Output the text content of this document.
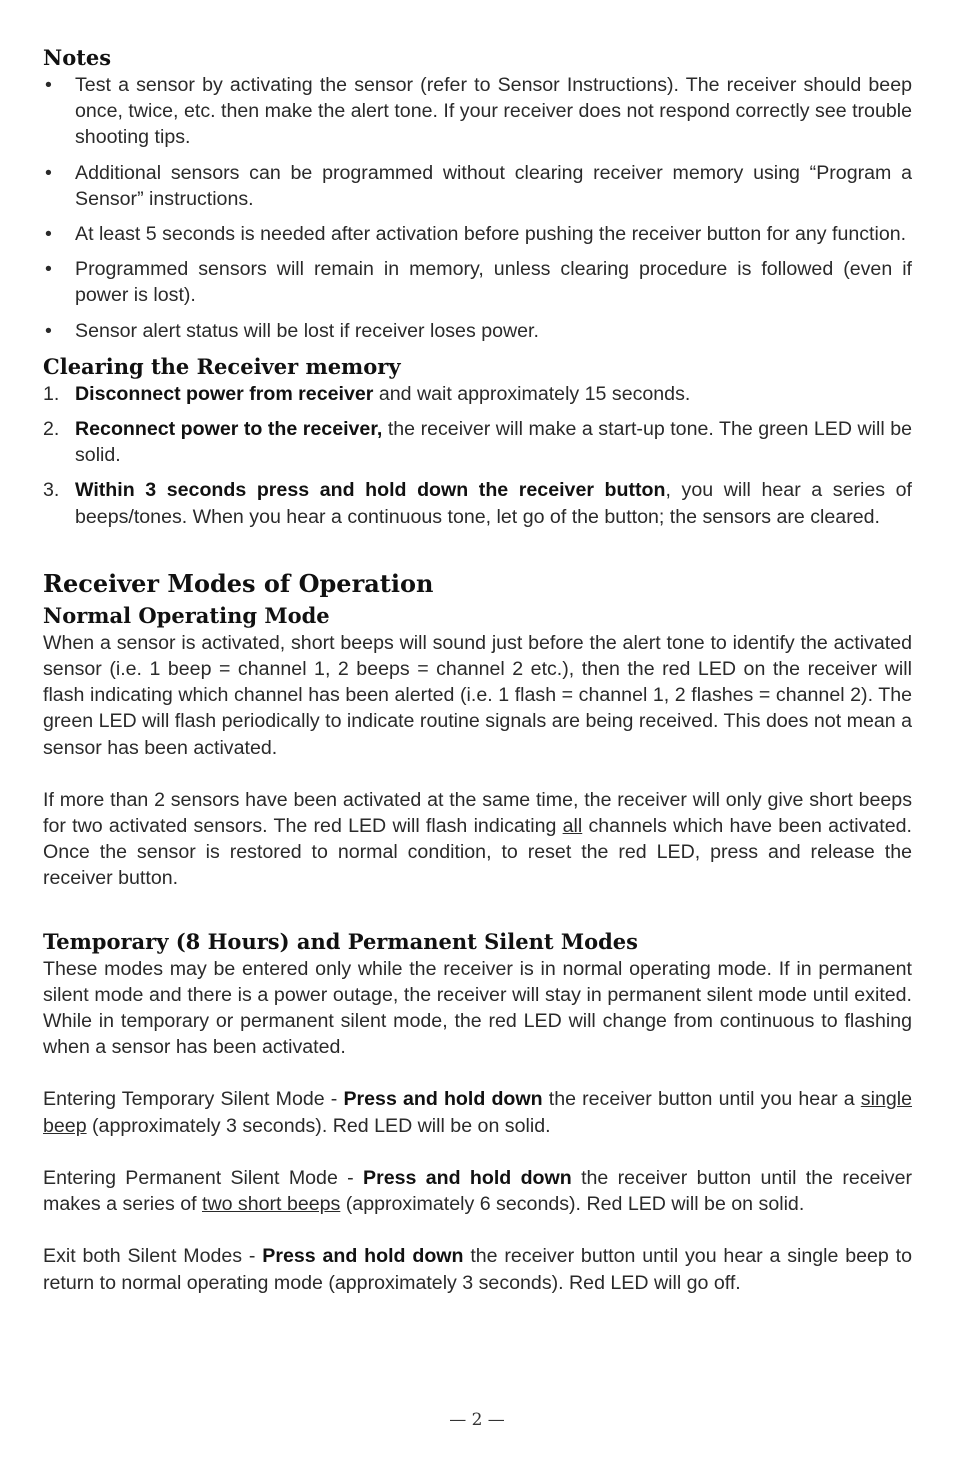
Notes
• Test a sensor by activating the sensor (refer to Sensor Instructions). The receiver should beep once, twice, etc. then make the alert tone. If your receiver does not respond correctly see trouble shooting tips.
• Additional sensors can be programmed without clearing receiver memory using “Program a Sensor” instructions.
• At least 5 seconds is needed after activation before pushing the receiver button for any function.
• Programmed sensors will remain in memory, unless clearing procedure is followed (even if power is lost).
• Sensor alert status will be lost if receiver loses power.
Clearing the Receiver memory
1. Disconnect power from receiver and wait approximately 15 seconds.
2. Reconnect power to the receiver, the receiver will make a start-up tone. The green LED will be solid.
3. Within 3 seconds press and hold down the receiver button, you will hear a series of beeps/tones. When you hear a continuous tone, let go of the button; the sensors are cleared.
Receiver Modes of Operation
Normal Operating Mode

When a sensor is activated, short beeps will sound just before the alert tone to identify the activated sensor (i.e. 1 beep = channel 1, 2 beeps = channel 2 etc.), then the red LED on the receiver will flash indicating which channel has been alerted (i.e. 1 flash = channel 1, 2 flashes = channel 2). The green LED will flash periodically to indicate routine signals are being received. This does not mean a sensor has been activated.

If more than 2 sensors have been activated at the same time, the receiver will only give short beeps for two activated sensors. The red LED will flash indicating all channels which have been activated. Once the sensor is restored to normal condition, to reset the red LED, press and release the receiver button.

Temporary (8 Hours) and Permanent Silent Modes

These modes may be entered only while the receiver is in normal operating mode. If in permanent silent mode and there is a power outage, the receiver will stay in permanent silent mode until exited. While in temporary or permanent silent mode, the red LED will change from continuous to flashing when a sensor has been activated.

Entering Temporary Silent Mode - Press and hold down the receiver button until you hear a single beep (approximately 3 seconds). Red LED will be on solid.

Entering Permanent Silent Mode - Press and hold down the receiver button until the receiver makes a series of two short beeps (approximately 6 seconds). Red LED will be on solid.

Exit both Silent Modes - Press and hold down the receiver button until you hear a single beep to return to normal operating mode (approximately 3 seconds). Red LED will go off.

— 2 —
